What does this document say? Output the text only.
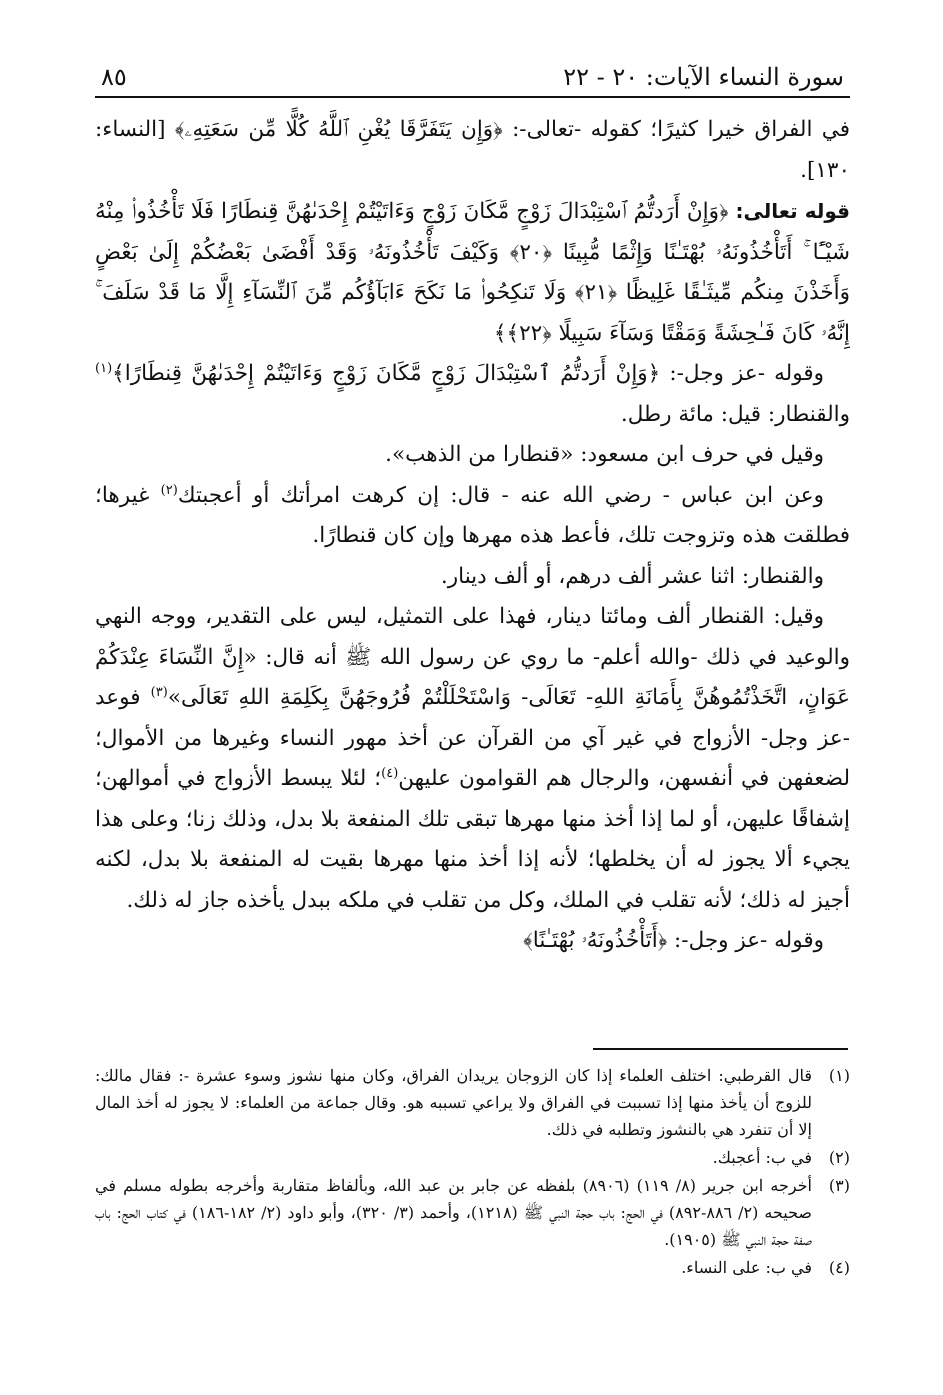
سورة النساء الآيات: ٢٠ - ٢٢
٨٥

في الفراق خيرا كثيرًا؛ كقوله -تعالى-: ﴿وَإِن يَتَفَرَّقَا يُغْنِ ٱللَّهُ كُلًّا مِّن سَعَتِهِۦ﴾ [النساء: ١٣٠].

قوله تعالى: ﴿وَإِنْ أَرَدتُّمُ ٱسْتِبْدَالَ زَوْجٍ مَّكَانَ زَوْجٍ وَءَاتَيْتُمْ إِحْدَىٰهُنَّ قِنطَارًا فَلَا تَأْخُذُوا۟ مِنْهُ شَيْـًٔا ۚ أَتَأْخُذُونَهُۥ بُهْتَـٰنًا وَإِثْمًا مُّبِينًا ﴿٢٠﴾ وَكَيْفَ تَأْخُذُونَهُۥ وَقَدْ أَفْضَىٰ بَعْضُكُمْ إِلَىٰ بَعْضٍ وَأَخَذْنَ مِنكُم مِّيثَـٰقًا غَلِيظًا ﴿٢١﴾ وَلَا تَنكِحُوا۟ مَا نَكَحَ ءَابَآؤُكُم مِّنَ ٱلنِّسَآءِ إِلَّا مَا قَدْ سَلَفَ ۚ إِنَّهُۥ كَانَ فَـٰحِشَةً وَمَقْتًا وَسَآءَ سَبِيلًا ﴿٢٢﴾﴾

وقوله -عز وجل-: ﴿وَإِنْ أَرَدتُّمُ ٱسْتِبْدَالَ زَوْجٍ مَّكَانَ زَوْجٍ وَءَاتَيْتُمْ إِحْدَىٰهُنَّ قِنطَارًا﴾$^{(١)}$ والقنطار: قيل: مائة رطل.

وقيل في حرف ابن مسعود: «قنطارا من الذهب».

وعن ابن عباس - رضي الله عنه - قال: إن كرهت امرأتك أو أعجبتك$^{(٢)}$ غيرها؛ فطلقت هذه وتزوجت تلك، فأعط هذه مهرها وإن كان قنطارًا.

والقنطار: اثنا عشر ألف درهم، أو ألف دينار.

وقيل: القنطار ألف ومائتا دينار، فهذا على التمثيل، ليس على التقدير، ووجه النهي والوعيد في ذلك -والله أعلم- ما روي عن رسول الله ﷺ أنه قال: «إِنَّ النِّسَاءَ عِنْدَكُمْ عَوَانٍ، اتَّخَذْتُمُوهُنَّ بِأَمَانَةِ اللهِ- تَعَالَى- وَاسْتَحْلَلْتُمْ فُرُوجَهُنَّ بِكَلِمَةِ اللهِ تَعَالَى»$^{(٣)}$ فوعد -عز وجل- الأزواج في غير آي من القرآن عن أخذ مهور النساء وغيرها من الأموال؛ لضعفهن في أنفسهن، والرجال هم القوامون عليهن$^{(٤)}$؛ لئلا يبسط الأزواج في أموالهن؛ إشفاقًا عليهن، أو لما إذا أخذ منها مهرها تبقى تلك المنفعة بلا بدل، وذلك زنا؛ وعلى هذا يجيء ألا يجوز له أن يخلطها؛ لأنه إذا أخذ منها مهرها بقيت له المنفعة بلا بدل، لكنه أجيز له ذلك؛ لأنه تقلب في الملك، وكل من تقلب في ملكه ببدل يأخذه جاز له ذلك.

وقوله -عز وجل-: ﴿أَتَأْخُذُونَهُۥ بُهْتَـٰنًا﴾

(١)
قال القرطبي: اختلف العلماء إذا كان الزوجان يريدان الفراق، وكان منها نشوز وسوء عشرة -: فقال مالك: للزوج أن يأخذ منها إذا تسببت في الفراق ولا يراعي تسببه هو. وقال جماعة من العلماء: لا يجوز له أخذ المال إلا أن تنفرد هي بالنشوز وتطلبه في ذلك.
(٢)
في ب: أعجبك.
(٣)
أخرجه ابن جرير (٨/ ١١٩) (٨٩٠٦) بلفظه عن جابر بن عبد الله، وبألفاظ متقاربة وأخرجه بطوله مسلم في صحيحه (٢/ ٨٨٦-٨٩٢) في الحج: باب حجة النبي ﷺ (١٢١٨)، وأحمد (٣/ ٣٢٠)، وأبو داود (٢/ ١٨٢-١٨٦) في كتاب الحج: باب صفة حجة النبي ﷺ (١٩٠٥).
(٤)
في ب: على النساء.
